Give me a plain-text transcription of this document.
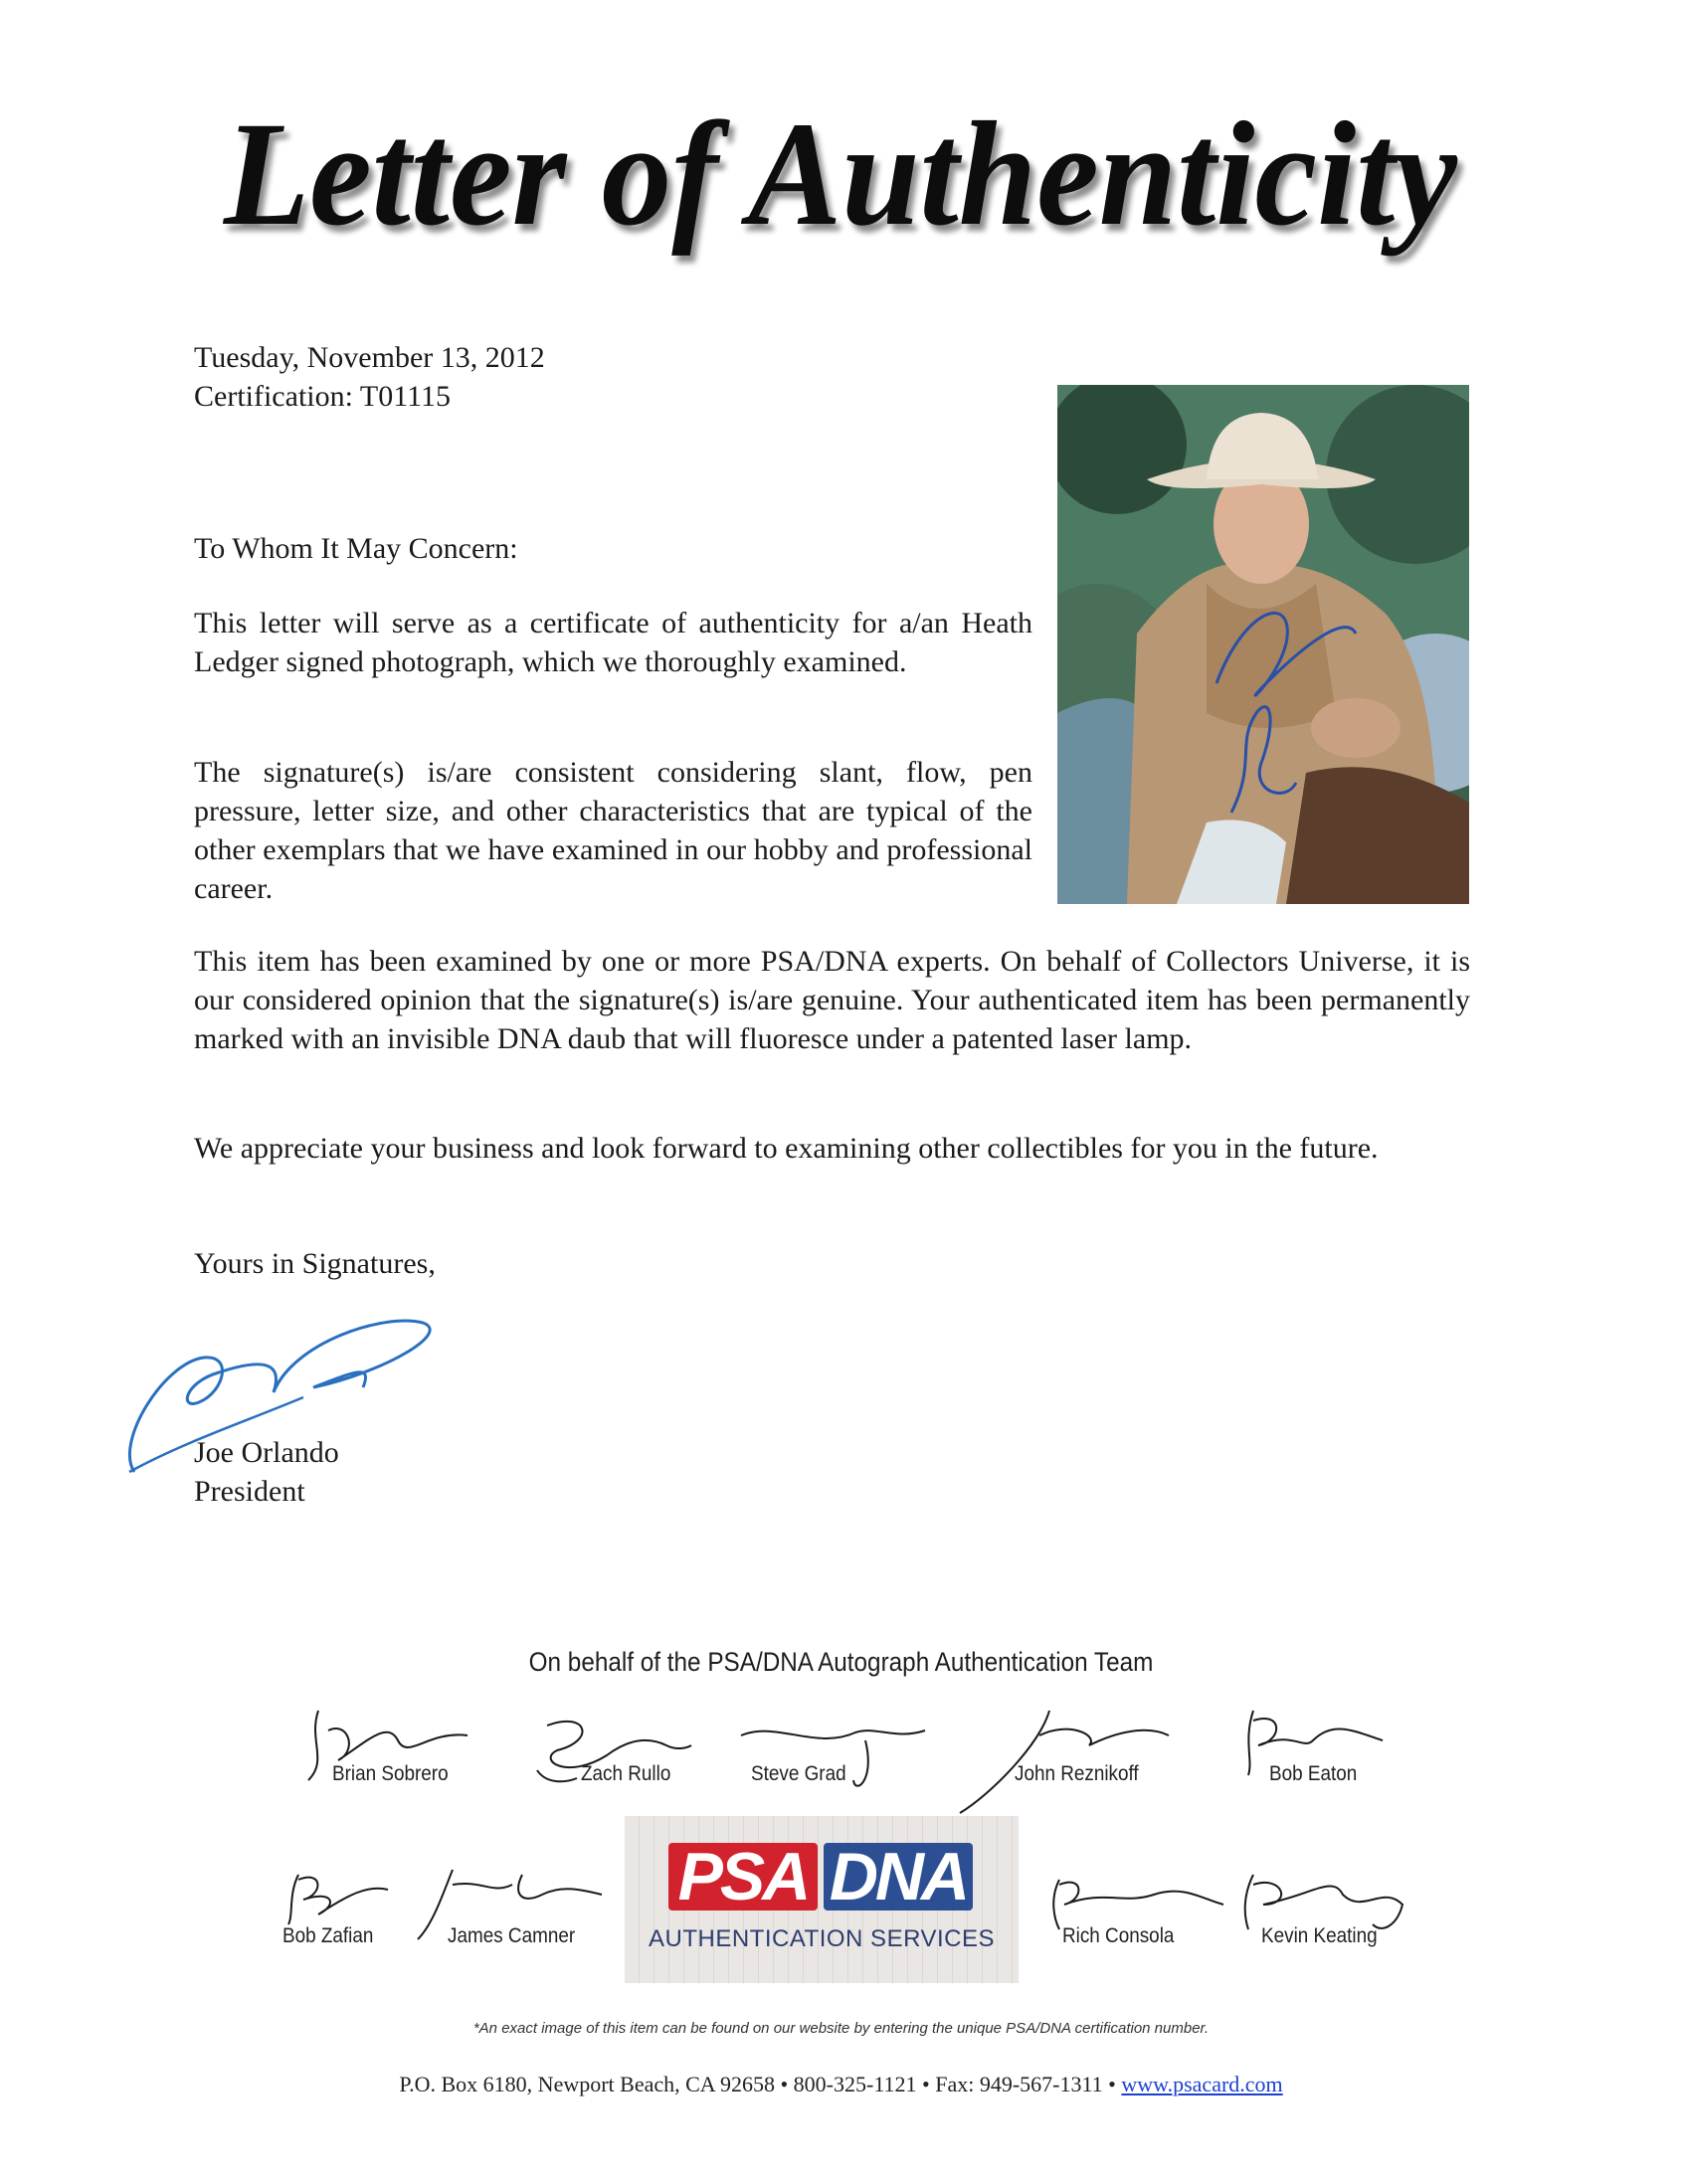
Letter of Authenticity
Tuesday, November 13, 2012
Certification: T01115
To Whom It May Concern:
This letter will serve as a certificate of authenticity for a/an Heath Ledger signed photograph, which we thoroughly examined.
The signature(s) is/are consistent considering slant, flow, pen pressure, letter size, and other characteristics that are typical of the other exemplars that we have examined in our hobby and professional career.
This item has been examined by one or more PSA/DNA experts. On behalf of Collectors Universe, it is our considered opinion that the signature(s) is/are genuine. Your authenticated item has been permanently marked with an invisible DNA daub that will fluoresce under a patented laser lamp.
We appreciate your business and look forward to examining other collectibles for you in the future.
Yours in Signatures,
Joe Orlando
President
On behalf of the PSA/DNA Autograph Authentication Team
Brian Sobrero	Zach Rullo	Steve Grad	John Reznikoff	Bob Eaton
Bob Zafian	James Camner	Rich Consola	Kevin Keating
PSA DNA
AUTHENTICATION SERVICES
*An exact image of this item can be found on our website by entering the unique PSA/DNA certification number.
P.O. Box 6180, Newport Beach, CA 92658 • 800-325-1121 • Fax: 949-567-1311 • www.psacard.com
